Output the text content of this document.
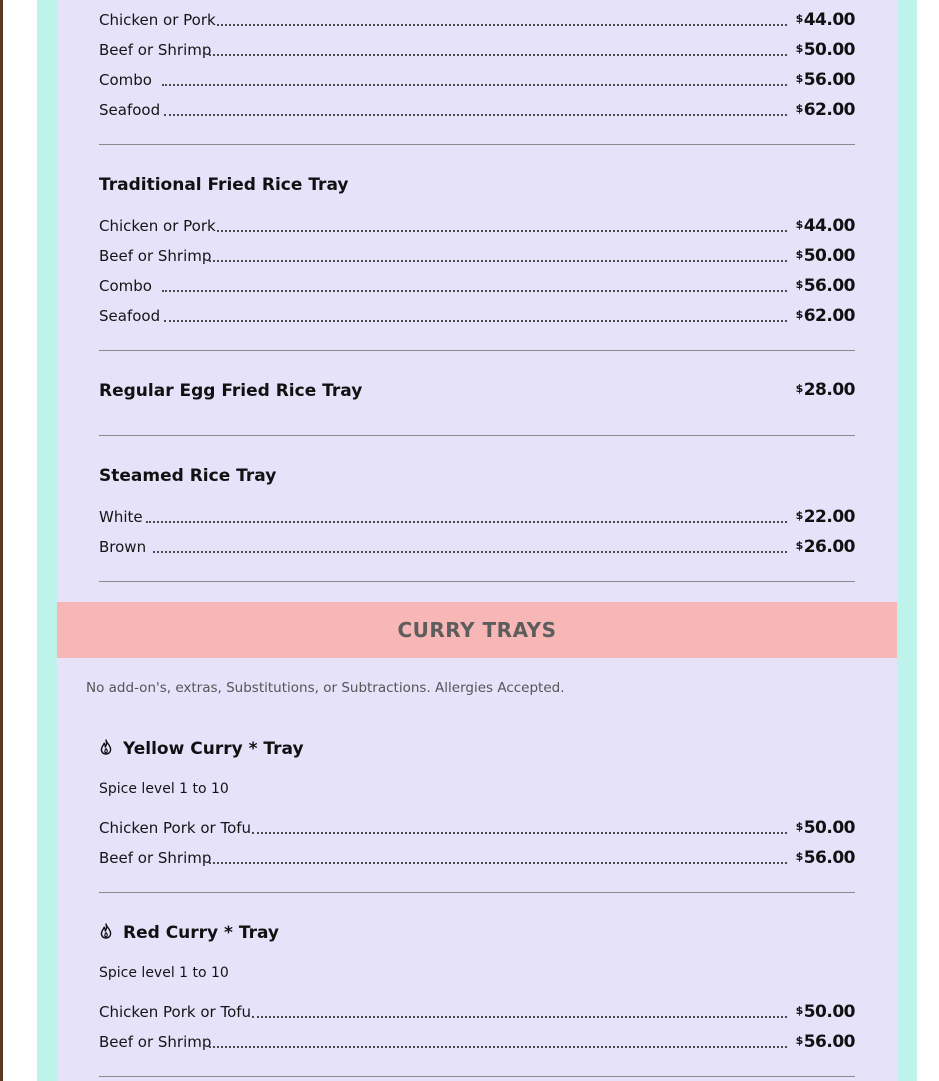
Chicken or Pork	$44.00
Beef or Shrimp	$50.00
Combo	$56.00
Seafood	$62.00
Traditional Fried Rice Tray
Chicken or Pork	$44.00
Beef or Shrimp	$50.00
Combo	$56.00
Seafood	$62.00
Regular Egg Fried Rice Tray	$28.00
Steamed Rice Tray
White	$22.00
Brown	$26.00
CURRY TRAYS
No add-on's, extras, Substitutions, or Subtractions. Allergies Accepted.
Yellow Curry * Tray
Spice level 1 to 10
Chicken Pork or Tofu	$50.00
Beef or Shrimp	$56.00
Red Curry * Tray
Spice level 1 to 10
Chicken Pork or Tofu	$50.00
Beef or Shrimp	$56.00
